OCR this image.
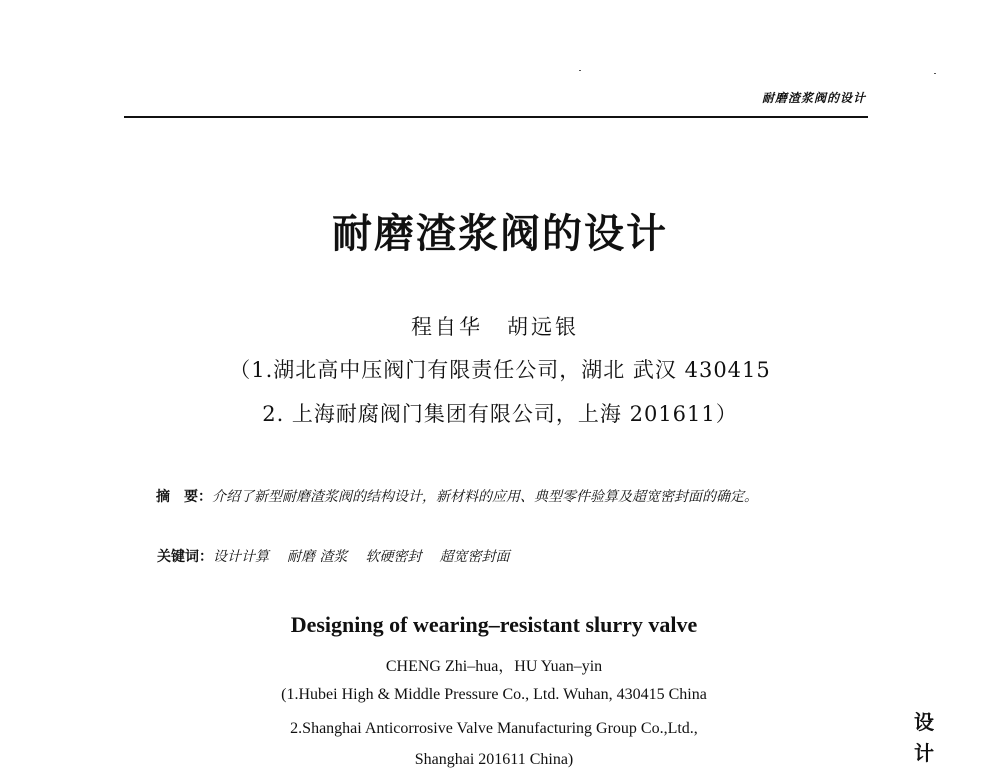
耐磨渣浆阀的设计
耐磨渣浆阀的设计
程自华　胡远银
（1.湖北高中压阀门有限责任公司，湖北 武汉 430415
2. 上海耐腐阀门集团有限公司，上海 201611）
摘　要：介绍了新型耐磨渣浆阀的结构设计，新材料的应用、典型零件验算及超宽密封面的确定。
关键词：设计计算 耐磨 渣浆 软硬密封 超宽密封面
Designing of wearing–resistant slurry valve
CHENG Zhi–hua，HU Yuan–yin
(1.Hubei High & Middle Pressure Co., Ltd. Wuhan, 430415 China
2.Shanghai Anticorrosive Valve Manufacturing Group Co.,Ltd.,
Shanghai 201611 China)
设
计
